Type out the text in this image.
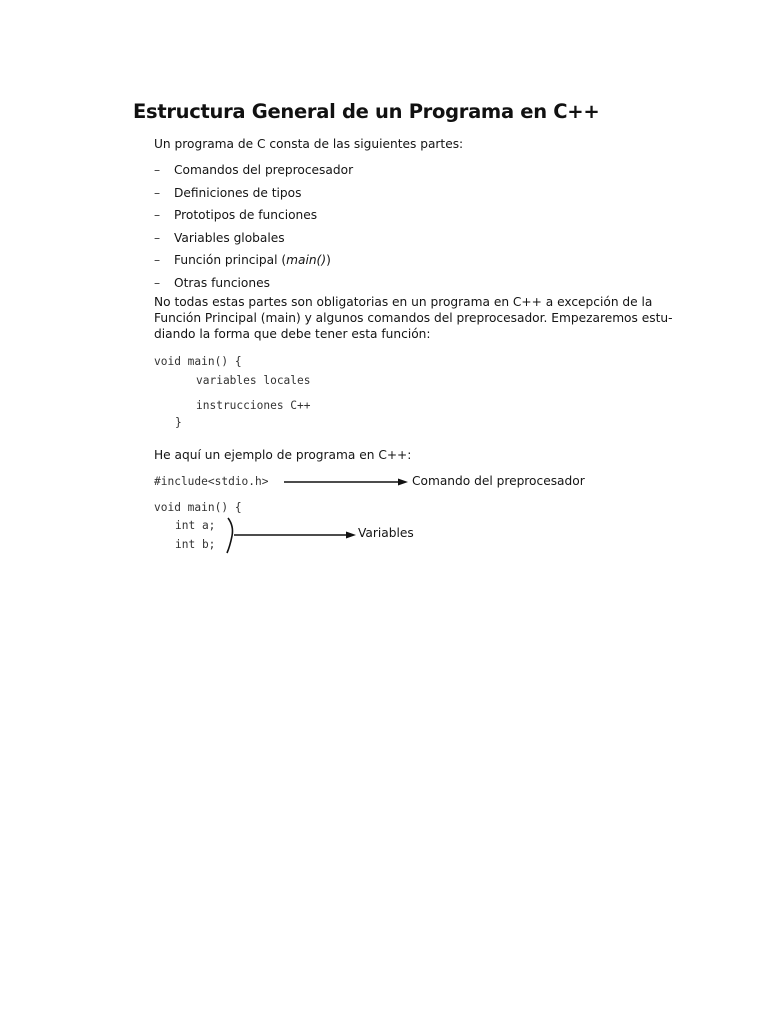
Estructura General de un Programa en C++
Un programa de C consta de las siguientes partes:
–	Comandos del preprocesador
–	Definiciones de tipos
–	Prototipos de funciones
–	Variables globales
–	Función principal ( main() )
–	Otras funciones
No todas estas partes son obligatorias en un programa en C++ a excepción de la
Función Principal (main) y algunos comandos del preprocesador. Empezaremos estu-
diando la forma que debe tener esta función:
void main() {
variables locales
instrucciones C++
}
He aquí un ejemplo de programa en C++:
#include<stdio.h>	Comando del preprocesador
void main() {
int a;
int b;
Variables
